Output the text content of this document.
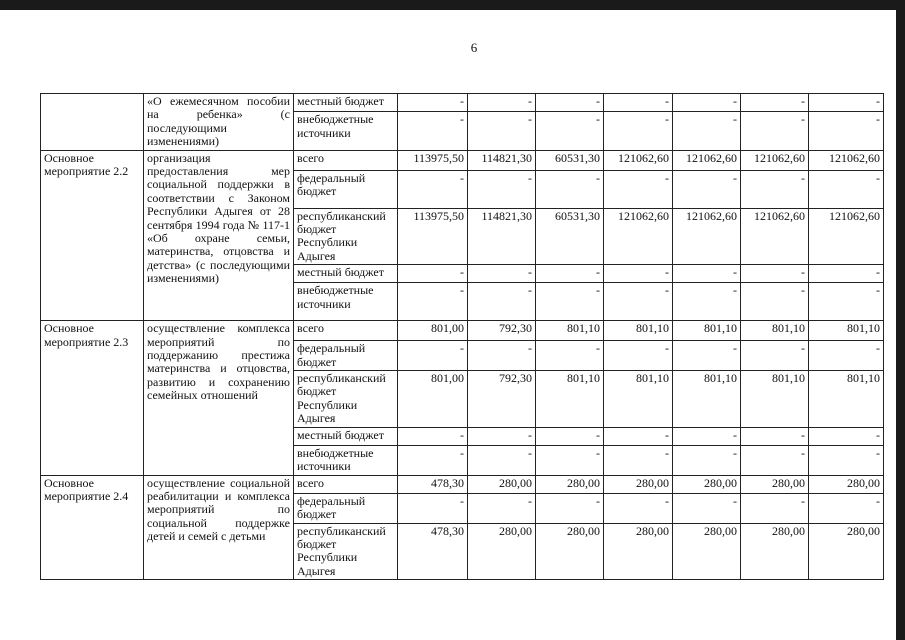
6
	«О ежемесячном пособии на ребенка» (с последующими изменениями)	местный бюджет	-	-	-	-	-	-	-
		внебюджетные источники	-	-	-	-	-	-	-
Основное мероприятие 2.2	организация предоставления мер социальной поддержки в соответствии с Законом Республики Адыгея от 28 сентября 1994 года № 117-1 «Об охране семьи, материнства, отцовства и детства» (с последующими изменениями)	всего	113975,50	114821,30	60531,30	121062,60	121062,60	121062,60	121062,60
		федеральный бюджет	-	-	-	-	-	-	-
		республиканский бюджет Республики Адыгея	113975,50	114821,30	60531,30	121062,60	121062,60	121062,60	121062,60
		местный бюджет	-	-	-	-	-	-	-
		внебюджетные источники	-	-	-	-	-	-	-
Основное мероприятие 2.3	осуществление комплекса мероприятий по поддержанию престижа материнства и отцовства, развитию и сохранению семейных отношений	всего	801,00	792,30	801,10	801,10	801,10	801,10	801,10
		федеральный бюджет	-	-	-	-	-	-	-
		республиканский бюджет Республики Адыгея	801,00	792,30	801,10	801,10	801,10	801,10	801,10
		местный бюджет	-	-	-	-	-	-	-
		внебюджетные источники	-	-	-	-	-	-	-
Основное мероприятие 2.4	осуществление социальной реабилитации и комплекса мероприятий по социальной поддержке детей и семей с детьми	всего	478,30	280,00	280,00	280,00	280,00	280,00	280,00
		федеральный бюджет	-	-	-	-	-	-	-
		республиканский бюджет Республики Адыгея	478,30	280,00	280,00	280,00	280,00	280,00	280,00
